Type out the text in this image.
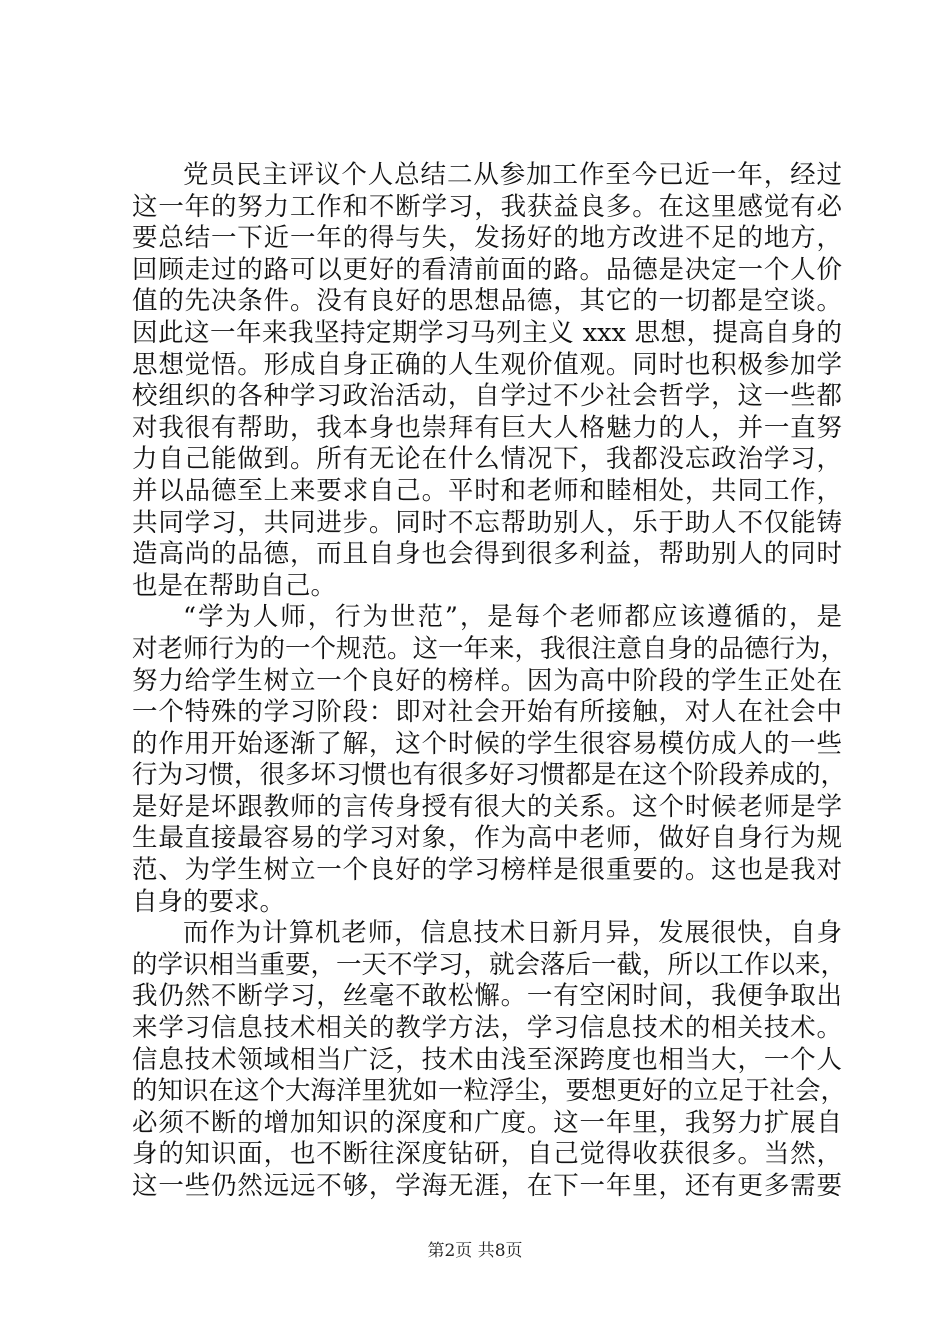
党员民主评议个人总结二从参加工作至今已近一年，经过
这一年的努力工作和不断学习，我获益良多。在这里感觉有必
要总结一下近一年的得与失，发扬好的地方改进不足的地方，
回顾走过的路可以更好的看清前面的路。品德是决定一个人价
值的先决条件。没有良好的思想品德，其它的一切都是空谈。
因此这一年来我坚持定期学习马列主义 xxx 思想，提高自身的
思想觉悟。形成自身正确的人生观价值观。同时也积极参加学
校组织的各种学习政治活动，自学过不少社会哲学，这一些都
对我很有帮助，我本身也崇拜有巨大人格魅力的人，并一直努
力自己能做到。所有无论在什么情况下，我都没忘政治学习，
并以品德至上来要求自己。平时和老师和睦相处，共同工作，
共同学习，共同进步。同时不忘帮助别人，乐于助人不仅能铸
造高尚的品德，而且自身也会得到很多利益，帮助别人的同时
也是在帮助自己。
“学为人师，行为世范”，是每个老师都应该遵循的，是
对老师行为的一个规范。这一年来，我很注意自身的品德行为，
努力给学生树立一个良好的榜样。因为高中阶段的学生正处在
一个特殊的学习阶段：即对社会开始有所接触，对人在社会中
的作用开始逐渐了解，这个时候的学生很容易模仿成人的一些
行为习惯，很多坏习惯也有很多好习惯都是在这个阶段养成的，
是好是坏跟教师的言传身授有很大的关系。这个时候老师是学
生最直接最容易的学习对象，作为高中老师，做好自身行为规
范、为学生树立一个良好的学习榜样是很重要的。这也是我对
自身的要求。
而作为计算机老师，信息技术日新月异，发展很快，自身
的学识相当重要，一天不学习，就会落后一截，所以工作以来，
我仍然不断学习，丝毫不敢松懈。一有空闲时间，我便争取出
来学习信息技术相关的教学方法，学习信息技术的相关技术。
信息技术领域相当广泛，技术由浅至深跨度也相当大，一个人
的知识在这个大海洋里犹如一粒浮尘，要想更好的立足于社会，
必须不断的增加知识的深度和广度。这一年里，我努力扩展自
身的知识面，也不断往深度钻研，自己觉得收获很多。当然，
这一些仍然远远不够，学海无涯，在下一年里，还有更多需要
第2页 共8页
